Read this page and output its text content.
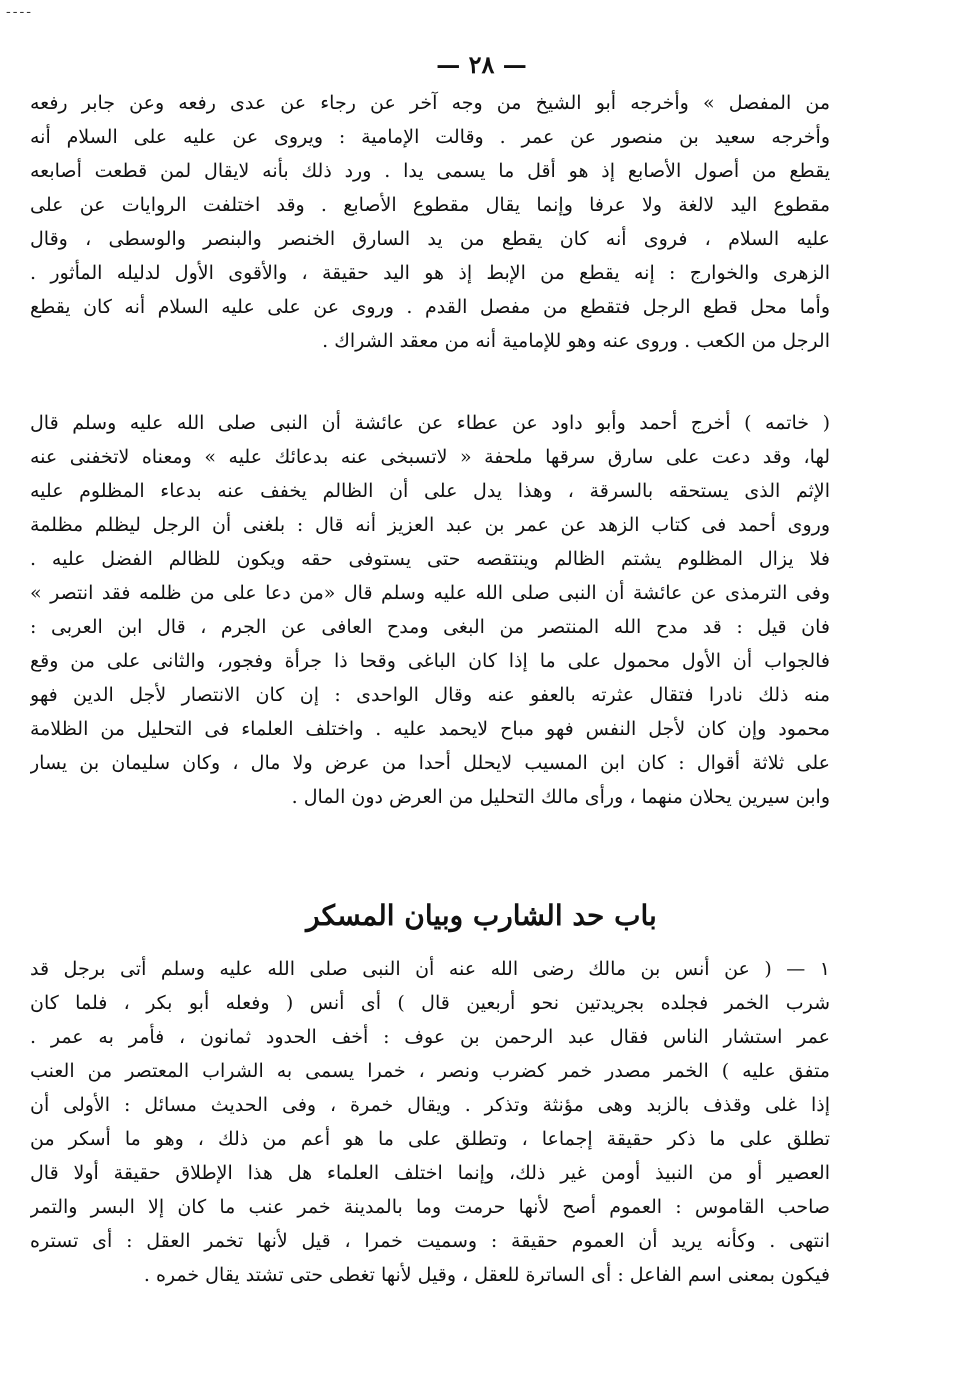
----
— ٢٨ —
من المفصل » وأخرجه أبو الشيخ من وجه آخر عن رجاء عن عدى رفعه وعن جابر رفعه
وأخرجه سعيد بن منصور عن عمر . وقالت الإمامية : ويروى عن عليه على السلام أنه
يقطع من أصول الأصابع إذ هو أقل ما يسمى يدا . ورد ذلك بأنه لايقال لمن قطعت أصابعه
مقطوع اليد لالغة ولا عرفا وإنما يقال مقطوع الأصابع . وقد اختلفت الروايات عن على
عليه السلام ، فروى أنه كان يقطع من يد السارق الخنصر والبنصر والوسطى ، وقال
الزهرى والخوارج : إنه يقطع من الإبط إذ هو اليد حقيقة ، والأقوى الأول لدليله المأثور .
وأما محل قطع الرجل فتقطع من مفصل القدم . وروى عن على عليه السلام أنه كان يقطع
الرجل من الكعب . وروى عنه وهو للإمامية أنه من معقد الشراك .
( خاتمه ) أخرج أحمد وأبو داود عن عطاء عن عائشة أن النبى صلى الله عليه وسلم قال
لها، وقد دعت على سارق سرقها ملحفة « لاتسبخى عنه بدعائك عليه » ومعناه لاتخفنى عنه
الإثم الذى يستحقه بالسرقة ، وهذا يدل على أن الظالم يخفف عنه بدعاء المظلوم عليه
وروى أحمد فى كتاب الزهد عن عمر بن عبد العزيز أنه قال : بلغنى أن الرجل ليظلم مظلمة
فلا يزال المظلوم يشتم الظالم وينتقصه حتى يستوفى حقه ويكون للظالم الفضل عليه .
وفى الترمذى عن عائشة أن النبى صلى الله عليه وسلم قال «من دعا على من ظلمه فقد انتصر »
فان قيل : قد مدح الله المنتصر من البغى ومدح العافى عن الجرم ، قال ابن العربى :
فالجواب أن الأول محمول على ما إذا كان الباغى وقحا ذا جرأة وفجور، والثانى على من وقع
منه ذلك نادرا فتقال عثرته بالعفو عنه وقال الواحدى : إن كان الانتصار لأجل الدين فهو
محمود وإن كان لأجل النفس فهو مباح لايحمد عليه . واختلف العلماء فى التحليل من الظلامة
على ثلاثة أقوال : كان ابن المسيب لايحلل أحدا من عرض ولا مال ، وكان سليمان بن يسار
وابن سيرين يحلان منهما ، ورأى مالك التحليل من العرض دون المال .
باب حد الشارب وبيان المسكر
١ — ( عن أنس بن مالك رضى الله عنه أن النبى صلى الله عليه وسلم أتى برجل قد
شرب الخمر فجلده بجريدتين نحو أربعين قال ) أى أنس ( وفعله أبو بكر ، فلما كان
عمر استشار الناس فقال عبد الرحمن بن عوف : أخف الحدود ثمانون ، فأمر به عمر .
متفق عليه ) الخمر مصدر خمر كضرب ونصر ، خمرا يسمى به الشراب المعتصر من العنب
إذا غلى وقذف بالزبد وهى مؤنثة وتذكر . ويقال خمرة ، وفى الحديث مسائل : الأولى أن
تطلق على ما ذكر حقيقة إجماعا ، وتطلق على ما هو أعم من ذلك ، وهو ما أسكر من
العصير أو من النبيذ أومن غير ذلك، وإنما اختلف العلماء هل هذا الإطلاق حقيقة أولا قال
صاحب القاموس : العموم أصح لأنها حرمت وما بالمدينة خمر عنب ما كان إلا البسر والتمر
انتهى . وكأنه يريد أن العموم حقيقة : وسميت خمرا ، قيل لأنها تخمر العقل : أى تستره
فيكون بمعنى اسم الفاعل : أى الساترة للعقل ، وقيل لأنها تغطى حتى تشتد يقال خمره .
